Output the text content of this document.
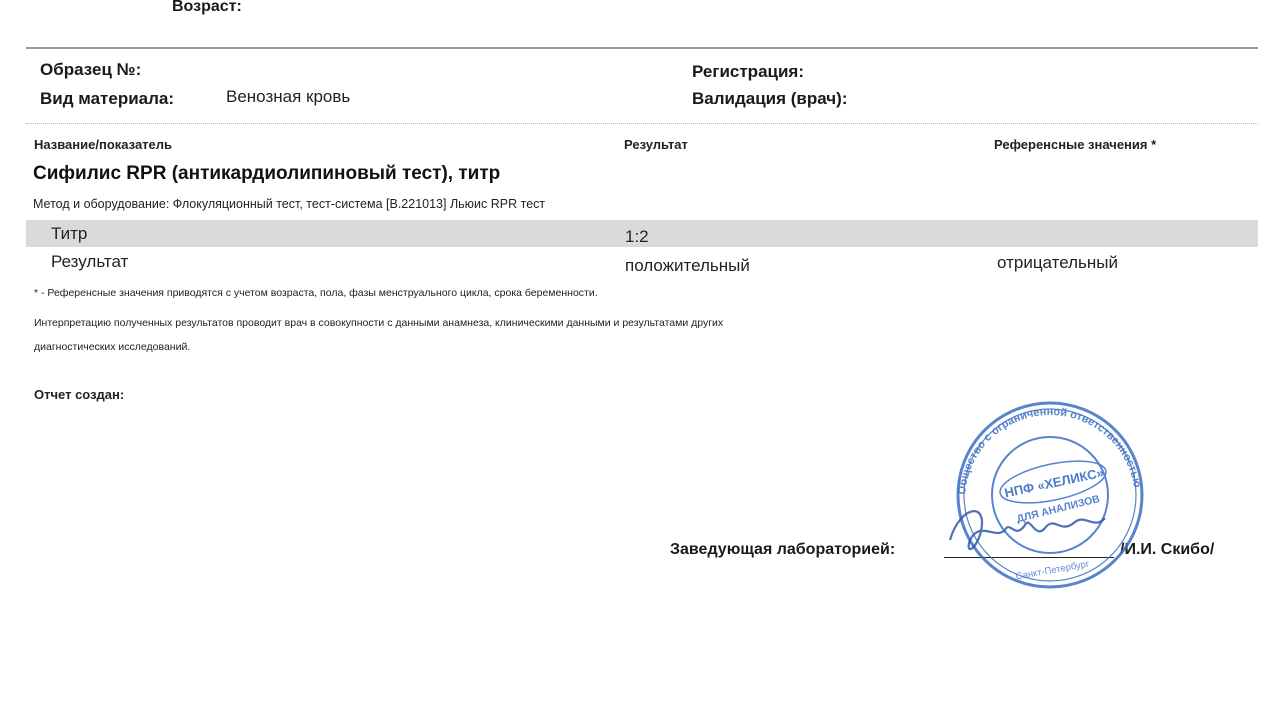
Возраст:
Образец №:
Вид материала:	Венозная кровь
Регистрация:
Валидация (врач):
Название/показатель	Результат	Референсные значения *
Сифилис RPR (антикардиолипиновый тест), титр
Метод и оборудование: Флокуляционный тест, тест-система [В.221013] Льюис RPR тест
Титр	1:2
Результат	положительный	отрицательный
* - Референсные значения приводятся с учетом возраста, пола, фазы менструального цикла, срока беременности.
Интерпретацию полученных результатов проводит врач в совокупности с данными анамнеза, клиническими данными и результатами других
диагностических исследований.
Отчет создан:
Заведующая лабораторией:	/И.И. Скибо/
Общество с ограниченной ответственностью
НПФ «ХЕЛИКС»
ДЛЯ АНАЛИЗОВ
Санкт-Петербург
